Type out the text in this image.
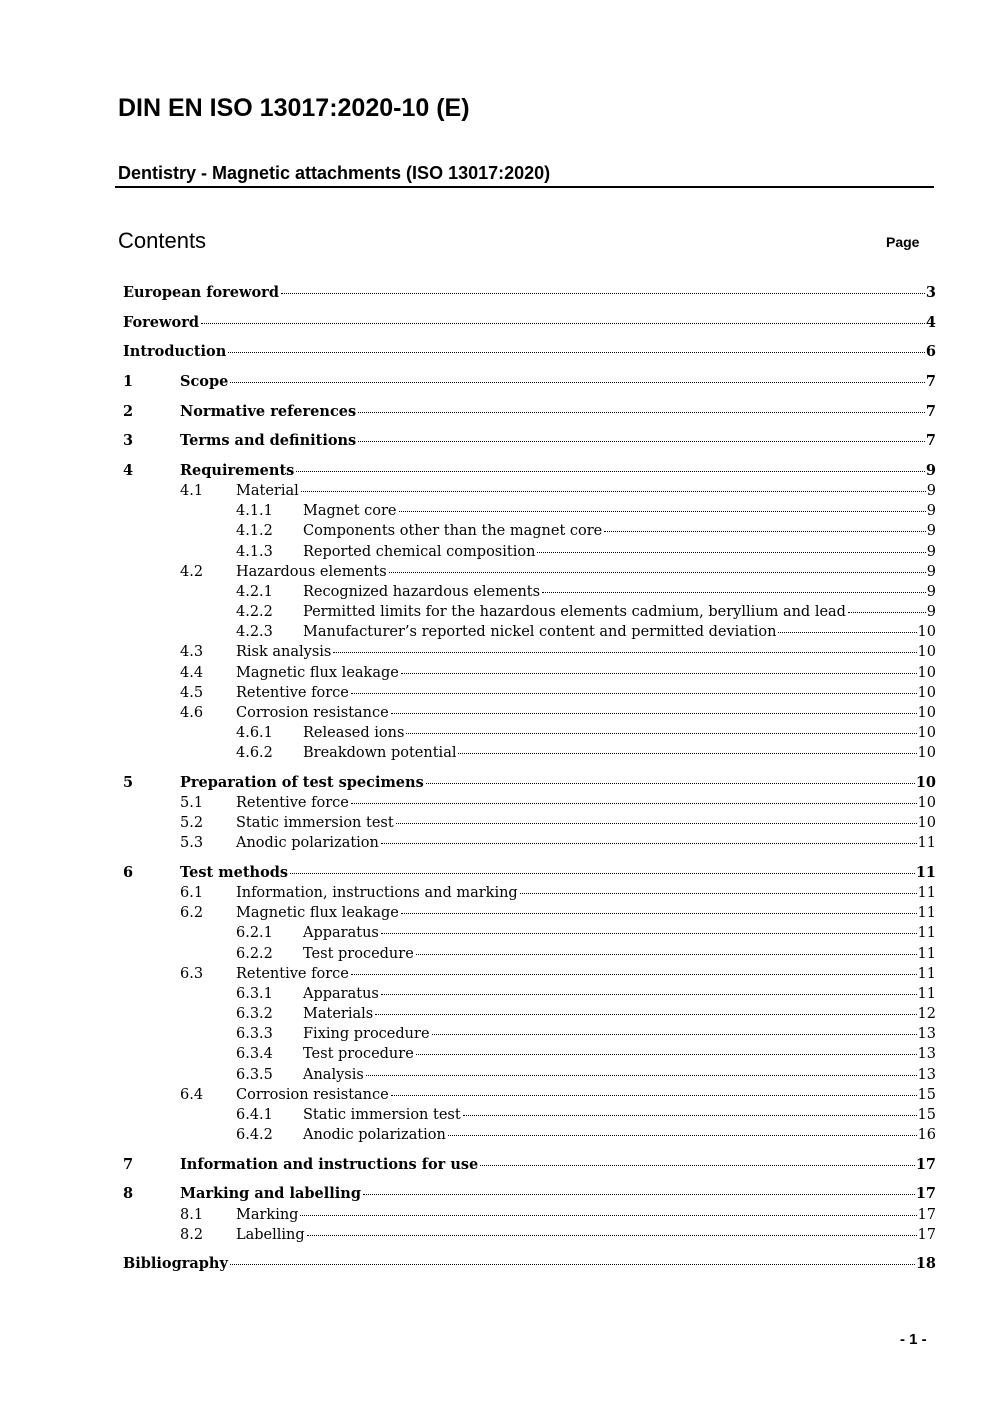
DIN EN ISO 13017:2020-10 (E)
Dentistry - Magnetic attachments (ISO 13017:2020)
Contents	Page
European foreword	3
Foreword	4
Introduction	6
1	Scope	7
2	Normative references	7
3	Terms and definitions	7
4	Requirements	9
4.1	Material	9
4.1.1	Magnet core	9
4.1.2	Components other than the magnet core	9
4.1.3	Reported chemical composition	9
4.2	Hazardous elements	9
4.2.1	Recognized hazardous elements	9
4.2.2	Permitted limits for the hazardous elements cadmium, beryllium and lead	9
4.2.3	Manufacturer’s reported nickel content and permitted deviation	10
4.3	Risk analysis	10
4.4	Magnetic flux leakage	10
4.5	Retentive force	10
4.6	Corrosion resistance	10
4.6.1	Released ions	10
4.6.2	Breakdown potential	10
5	Preparation of test specimens	10
5.1	Retentive force	10
5.2	Static immersion test	10
5.3	Anodic polarization	11
6	Test methods	11
6.1	Information, instructions and marking	11
6.2	Magnetic flux leakage	11
6.2.1	Apparatus	11
6.2.2	Test procedure	11
6.3	Retentive force	11
6.3.1	Apparatus	11
6.3.2	Materials	12
6.3.3	Fixing procedure	13
6.3.4	Test procedure	13
6.3.5	Analysis	13
6.4	Corrosion resistance	15
6.4.1	Static immersion test	15
6.4.2	Anodic polarization	16
7	Information and instructions for use	17
8	Marking and labelling	17
8.1	Marking	17
8.2	Labelling	17
Bibliography	18
- 1 -
